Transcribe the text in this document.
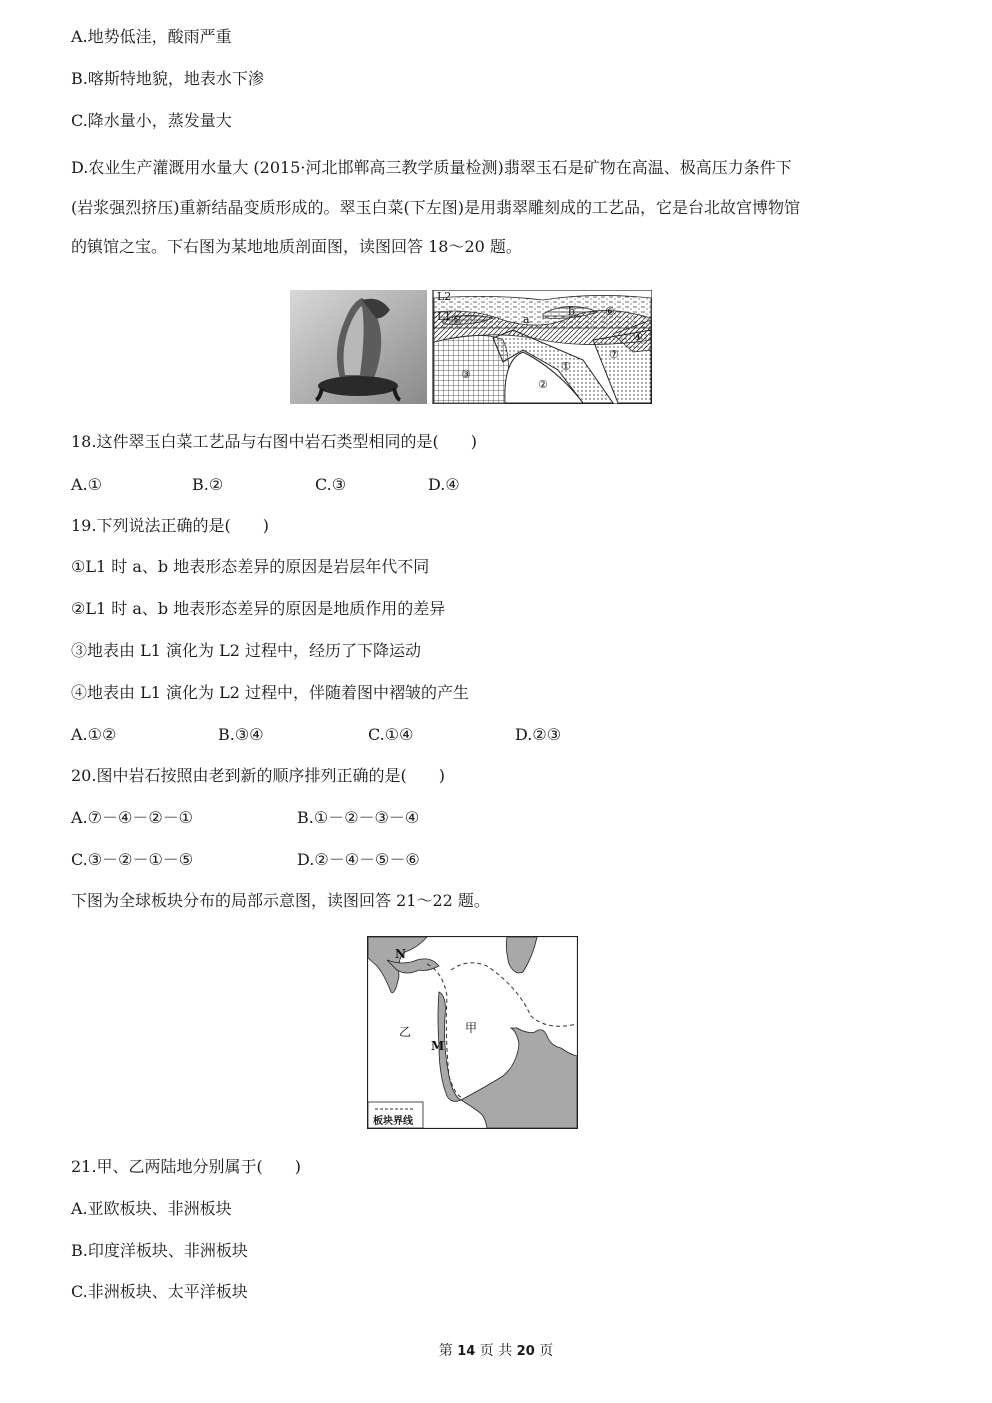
A.地势低洼，酸雨严重
B.喀斯特地貌，地表水下渗
C.降水量小，蒸发量大
D.农业生产灌溉用水量大 (2015·河北邯郸高三教学质量检测)翡翠玉石是矿物在高温、极高压力条件下
(岩浆强烈挤压)重新结晶变质形成的。翠玉白菜(下左图)是用翡翠雕刻成的工艺品，它是台北故宫博物馆
的镇馆之宝。下右图为某地地质剖面图，读图回答 18～20 题。
L2
L1	a
b
⑤
⑥
④
⑦
①
②
③
18.这件翠玉白菜工艺品与右图中岩石类型相同的是(　　)
A.①	B.②	C.③	D.④
19.下列说法正确的是(　　)
①L1 时 a、b 地表形态差异的原因是岩层年代不同
②L1 时 a、b 地表形态差异的原因是地质作用的差异
③地表由 L1 演化为 L2 过程中，经历了下降运动
④地表由 L1 演化为 L2 过程中，伴随着图中褶皱的产生
A.①②	B.③④	C.①④	D.②③
20.图中岩石按照由老到新的顺序排列正确的是(　　)
A.⑦－④－②－①	B.①－②－③－④
C.③－②－①－⑤	D.②－④－⑤－⑥
下图为全球板块分布的局部示意图，读图回答 21～22 题。
N
M
乙	甲
板块界线
21.甲、乙两陆地分别属于(　　)
A.亚欧板块、非洲板块
B.印度洋板块、非洲板块
C.非洲板块、太平洋板块
第 14 页 共 20 页
